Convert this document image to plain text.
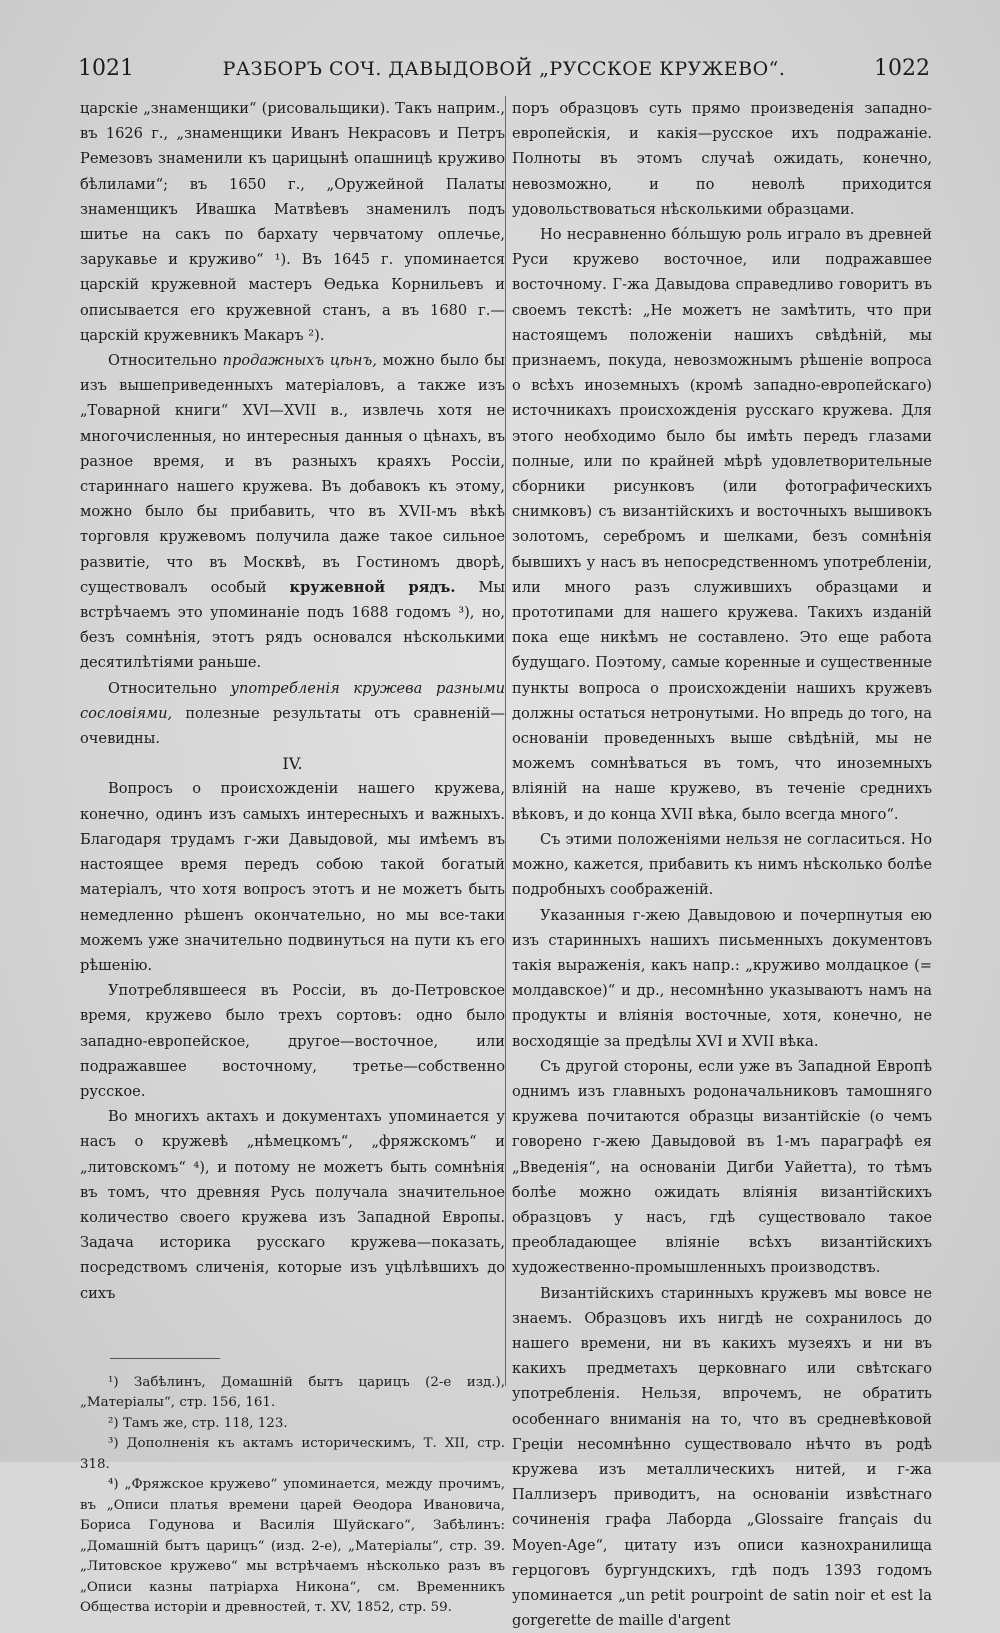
1021	РАЗБОРЪ СОЧ. ДАВЫДОВОЙ „РУССКОЕ КРУЖЕВО“.	1022

царскіе „знаменщики“ (рисовальщики). Такъ наприм., въ 1626 г., „знаменщики Иванъ Некрасовъ и Петръ Ремезовъ знаменили къ царицынѣ опашницѣ круживо бѣлилами“; въ 1650 г., „Оружейной Палаты знаменщикъ Ивашка Матвѣевъ знаменилъ подъ шитье на сакъ по бархату червчатому оплечье, зарукавье и круживо“ ¹). Въ 1645 г. упоминается царскій кружевной мастеръ Ѳедька Корнильевъ и описывается его кружевной станъ, а въ 1680 г.—царскій кружевникъ Макаръ ²).

Относительно продажныхъ цѣнъ, можно было бы изъ вышеприведенныхъ матеріаловъ, а также изъ „Товарной книги“ XVI—XVII в., извлечь хотя не многочисленныя, но интересныя данныя о цѣнахъ, въ разное время, и въ разныхъ краяхъ Россіи, стариннаго нашего кружева. Въ добавокъ къ этому, можно было бы прибавить, что въ XVII-мъ вѣкѣ торговля кружевомъ получила даже такое сильное развитіе, что въ Москвѣ, въ Гостиномъ дворѣ, существовалъ особый кружевной рядъ. Мы встрѣчаемъ это упоминаніе подъ 1688 годомъ ³), но, безъ сомнѣнія, этотъ рядъ основался нѣсколькими десятилѣтіями раньше.

Относительно употребленія кружева разными сословіями, полезные результаты отъ сравненій—очевидны.

IV.

Вопросъ о происхожденіи нашего кружева, конечно, одинъ изъ самыхъ интересныхъ и важныхъ. Благодаря трудамъ г-жи Давыдовой, мы имѣемъ въ настоящее время передъ собою такой богатый матеріалъ, что хотя вопросъ этотъ и не можетъ быть немедленно рѣшенъ окончательно, но мы все-таки можемъ уже значительно подвинуться на пути къ его рѣшенію.

Употреблявшееся въ Россіи, въ до-Петровское время, кружево было трехъ сортовъ: одно было западно-европейское, другое—восточное, или подражавшее восточному, третье—собственно русское.

Во многихъ актахъ и документахъ упоминается у насъ о кружевѣ „нѣмецкомъ“, „фряжскомъ“ и „литовскомъ“ ⁴), и потому не можетъ быть сомнѣнія въ томъ, что древняя Русь получала значительное количество своего кружева изъ Западной Европы. Задача историка русскаго кружева—показать, посредствомъ сличенія, которые изъ уцѣлѣвшихъ до сихъ

¹) Забѣлинъ, Домашній бытъ царицъ (2-е изд.), „Матеріалы“, стр. 156, 161.

²) Тамъ же, стр. 118, 123.

³) Дополненія къ актамъ историческимъ, Т. XII, стр. 318.

⁴) „Фряжское кружево“ упоминается, между прочимъ, въ „Описи платья времени царей Ѳеодора Ивановича, Бориса Годунова и Василія Шуйскаго“, Забѣлинъ: „Домашній бытъ царицъ“ (изд. 2-е), „Матеріалы“, стр. 39. „Литовское кружево“ мы встрѣчаемъ нѣсколько разъ въ „Описи казны патріарха Никона“, см. Временникъ Общества исторіи и древностей, т. XV, 1852, стр. 59.

поръ образцовъ суть прямо произведенія западно-европейскія, и какія—русское ихъ подражаніе. Полноты въ этомъ случаѣ ожидать, конечно, невозможно, и по неволѣ приходится удовольствоваться нѣсколькими образцами.

Но несравненно бóльшую роль играло въ древней Руси кружево восточное, или подражавшее восточному. Г-жа Давыдова справедливо говоритъ въ своемъ текстѣ: „Не можетъ не замѣтить, что при настоящемъ положеніи нашихъ свѣдѣній, мы признаемъ, покуда, невозможнымъ рѣшеніе вопроса о всѣхъ иноземныхъ (кромѣ западно-европейскаго) источникахъ происхожденія русскаго кружева. Для этого необходимо было бы имѣть передъ глазами полные, или по крайней мѣрѣ удовлетворительные сборники рисунковъ (или фотографическихъ снимковъ) съ византійскихъ и восточныхъ вышивокъ золотомъ, серебромъ и шелками, безъ сомнѣнія бывшихъ у насъ въ непосредственномъ употребленіи, или много разъ служившихъ образцами и прототипами для нашего кружева. Такихъ изданій пока еще никѣмъ не составлено. Это еще работа будущаго. Поэтому, самые коренные и существенные пункты вопроса о происхожденіи нашихъ кружевъ должны остаться нетронутыми. Но впредь до того, на основаніи проведенныхъ выше свѣдѣній, мы не можемъ сомнѣваться въ томъ, что иноземныхъ вліяній на наше кружево, въ теченіе среднихъ вѣковъ, и до конца XVII вѣка, было всегда много“.

Съ этими положеніями нельзя не согласиться. Но можно, кажется, прибавить къ нимъ нѣсколько болѣе подробныхъ соображеній.

Указанныя г-жею Давыдовою и почерпнутыя ею изъ старинныхъ нашихъ письменныхъ документовъ такія выраженія, какъ напр.: „круживо молдацкое (= молдавское)“ и др., несомнѣнно указываютъ намъ на продукты и вліянія восточные, хотя, конечно, не восходящіе за предѣлы XVI и XVII вѣка.

Съ другой стороны, если уже въ Западной Европѣ однимъ изъ главныхъ родоначальниковъ тамошняго кружева почитаются образцы византійскіе (о чемъ говорено г-жею Давыдовой въ 1-мъ параграфѣ ея „Введенія“, на основаніи Дигби Уайетта), то тѣмъ болѣе можно ожидать вліянія византійскихъ образцовъ у насъ, гдѣ существовало такое преобладающее вліяніе всѣхъ византійскихъ художественно-промышленныхъ производствъ.

Византійскихъ старинныхъ кружевъ мы вовсе не знаемъ. Образцовъ ихъ нигдѣ не сохранилось до нашего времени, ни въ какихъ музеяхъ и ни въ какихъ предметахъ церковнаго или свѣтскаго употребленія. Нельзя, впрочемъ, не обратить особеннаго вниманія на то, что въ средневѣковой Греціи несомнѣнно существовало нѣчто въ родѣ кружева изъ металлическихъ нитей, и г-жа Паллизеръ приводитъ, на основаніи извѣстнаго сочиненія графа Лаборда „Glossaire français du Moyen-Age“, цитату изъ описи казнохранилища герцоговъ бургундскихъ, гдѣ подъ 1393 годомъ упоминается „un petit pourpoint de satin noir et est la gorgerette de maille d'argent
